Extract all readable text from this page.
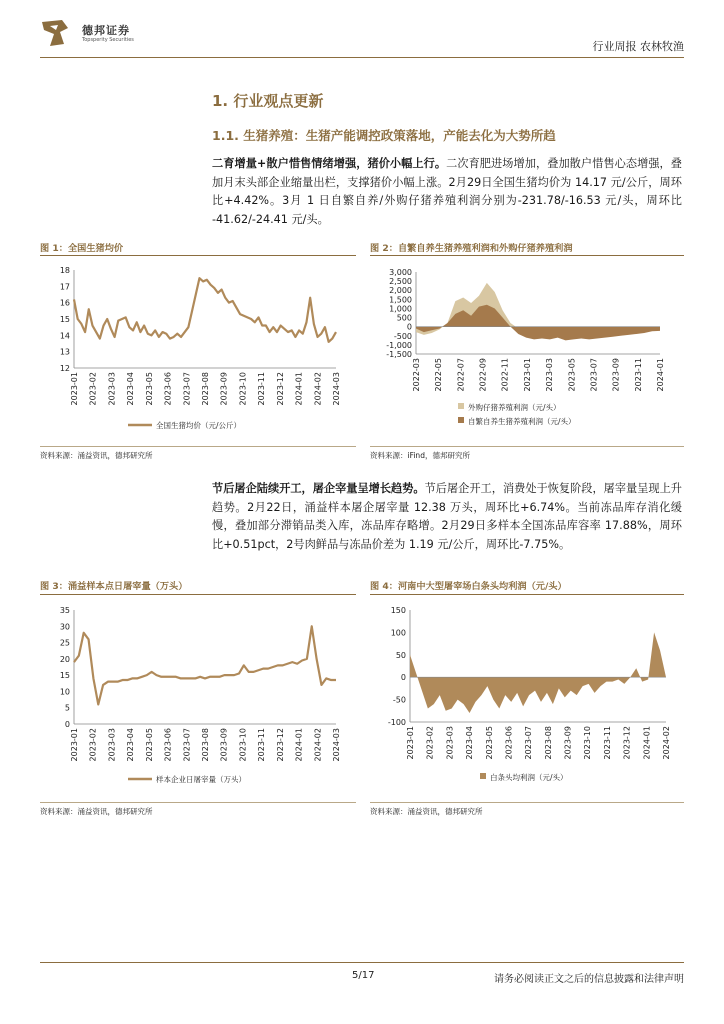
德邦证券
Topsperity Securities	行业周报 农林牧渔
1. 行业观点更新
1.1. 生猪养殖：生猪产能调控政策落地，产能去化为大势所趋
二育增量+散户惜售情绪增强，猪价小幅上行。二次育肥进场增加，叠加散户惜售心态增强，叠加月末头部企业缩量出栏，支撑猪价小幅上涨。2月29日全国生猪均价为 14.17 元/公斤，周环比+4.42%。3月 1 日自繁自养/外购仔猪养殖利润分别为-231.78/-16.53 元/头，周环比 -41.62/-24.41 元/头。
图 1：全国生猪均价
18
17
16
15
14
13
12
2023-01 2023-02 2023-03 2023-04 2023-05 2023-06 2023-07 2023-08 2023-09 2023-10 2023-11 2023-12 2024-01 2024-02 2024-03
全国生猪均价（元/公斤）
资料来源：涌益资讯，德邦研究所
图 2：自繁自养生猪养殖利润和外购仔猪养殖利润
3,000
2,500
2,000
1,500
1,000
500
0
-500
-1,000
-1,500
2022-03 2022-05 2022-07 2022-09 2022-11 2023-01 2023-03 2023-05 2023-07 2023-09 2023-11 2024-01
外购仔猪养殖利润（元/头）
自繁自养生猪养殖利润（元/头）
资料来源：iFind，德邦研究所
节后屠企陆续开工，屠企宰量呈增长趋势。节后屠企开工，消费处于恢复阶段，屠宰量呈现上升趋势。2月22日，涌益样本屠企屠宰量 12.38 万头，周环比+6.74%。当前冻品库存消化缓慢，叠加部分滞销品类入库，冻品库存略增。2月29日多样本全国冻品库容率 17.88%，周环比+0.51pct，2号肉鲜品与冻品价差为 1.19 元/公斤，周环比-7.75%。
图 3：涌益样本点日屠宰量（万头）
35
30
25
20
15
10
5
0
2023-01 2023-02 2023-03 2023-04 2023-05 2023-06 2023-07 2023-08 2023-09 2023-10 2023-11 2023-12 2024-01 2024-02 2024-03
样本企业日屠宰量（万头）
资料来源：涌益资讯，德邦研究所
图 4：河南中大型屠宰场白条头均利润（元/头）
150
100
50
0
-50
-100
2023-01 2023-02 2023-03 2023-04 2023-05 2023-06 2023-07 2023-08 2023-09 2023-10 2023-11 2023-12 2024-01 2024-02
白条头均利润（元/头）
资料来源：涌益资讯，德邦研究所
5/17	请务必阅读正文之后的信息披露和法律声明
